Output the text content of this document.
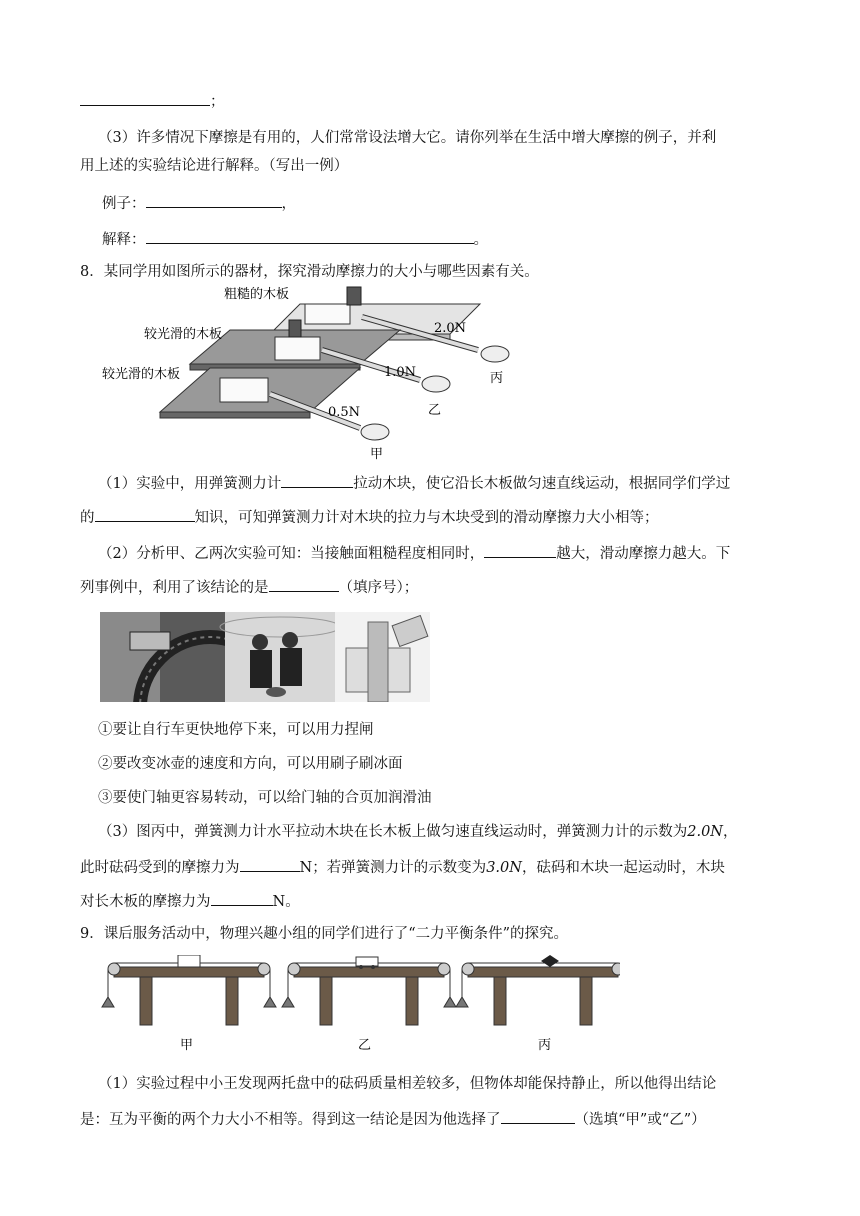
；
（3）许多情况下摩擦是有用的，人们常常设法增大它。请你列举在生活中增大摩擦的例子，并利
用上述的实验结论进行解释。（写出一例）
例子：	，
解释：	。
8．某同学用如图所示的器材，探究滑动摩擦力的大小与哪些因素有关。
粗糙的木板
较光滑的木板
较光滑的木板
2.0N
1.0N
0.5N
丙
乙
甲
（1）实验中，用弹簧测力计	拉动木块，使它沿长木板做匀速直线运动，根据同学们学过
的	知识，可知弹簧测力计对木块的拉力与木块受到的滑动摩擦力大小相等；
（2）分析甲、乙两次实验可知：当接触面粗糙程度相同时，	越大，滑动摩擦力越大。下
列事例中，利用了该结论的是	（填序号）；
①要让自行车更快地停下来，可以用力捏闸
②要改变冰壶的速度和方向，可以用刷子刷冰面
③要使门轴更容易转动，可以给门轴的合页加润滑油
（3）图丙中，弹簧测力计水平拉动木块在长木板上做匀速直线运动时，弹簧测力计的示数为2.0N，
此时砝码受到的摩擦力为	N；若弹簧测力计的示数变为3.0N，砝码和木块一起运动时，木块
对长木板的摩擦力为	N。
9．课后服务活动中，物理兴趣小组的同学们进行了“二力平衡条件”的探究。
甲	乙	丙
（1）实验过程中小王发现两托盘中的砝码质量相差较多，但物体却能保持静止，所以他得出结论
是：互为平衡的两个力大小不相等。得到这一结论是因为他选择了	（选填“甲”或“乙”）
